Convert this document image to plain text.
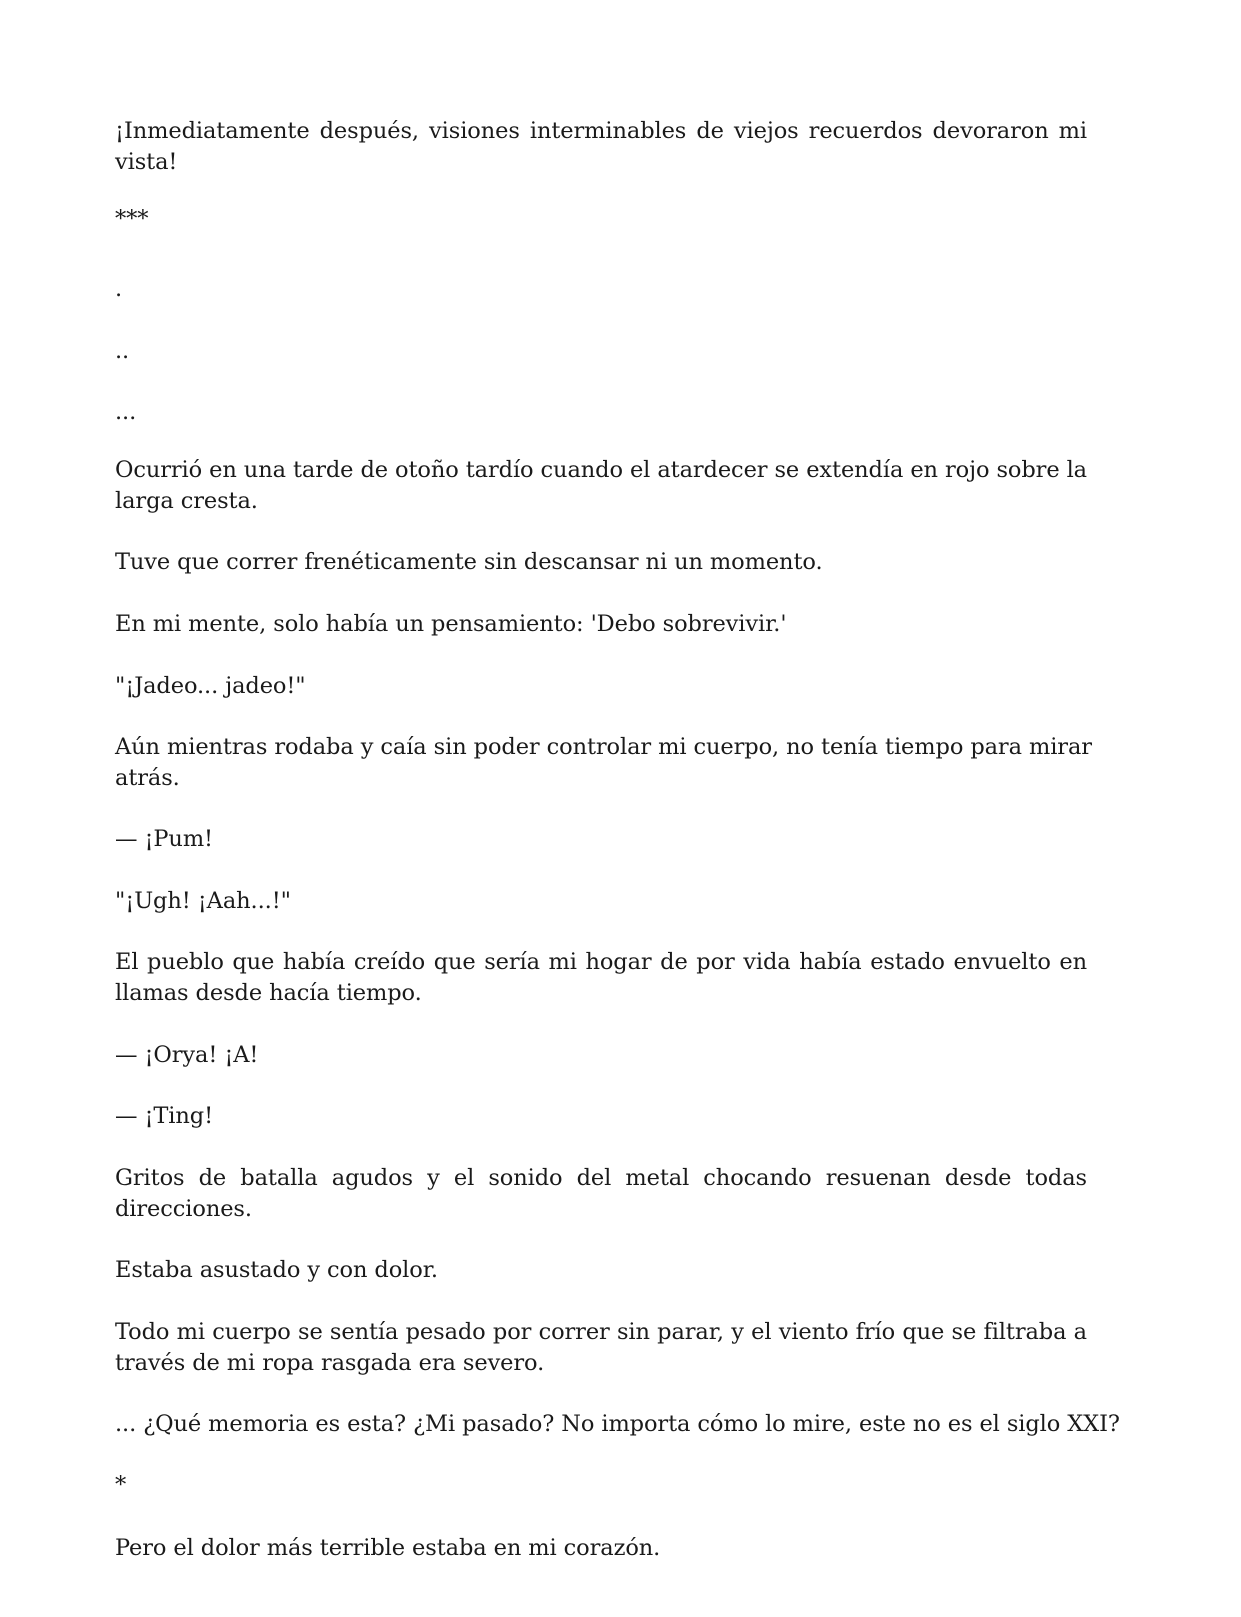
¡Inmediatamente después, visiones interminables de viejos recuerdos devoraron mi

vista!

***

.

..

...

Ocurrió en una tarde de otoño tardío cuando el atardecer se extendía en rojo sobre la

larga cresta.

Tuve que correr frenéticamente sin descansar ni un momento.

En mi mente, solo había un pensamiento: 'Debo sobrevivir.'

"¡Jadeo... jadeo!"

Aún mientras rodaba y caía sin poder controlar mi cuerpo, no tenía tiempo para mirar

atrás.

— ¡Pum!

"¡Ugh! ¡Aah...!"

El pueblo que había creído que sería mi hogar de por vida había estado envuelto en

llamas desde hacía tiempo.

— ¡Orya! ¡A!

— ¡Ting!

Gritos de batalla agudos y el sonido del metal chocando resuenan desde todas

direcciones.

Estaba asustado y con dolor.

Todo mi cuerpo se sentía pesado por correr sin parar, y el viento frío que se filtraba a

través de mi ropa rasgada era severo.

... ¿Qué memoria es esta? ¿Mi pasado? No importa cómo lo mire, este no es el siglo XXI?

*

Pero el dolor más terrible estaba en mi corazón.
